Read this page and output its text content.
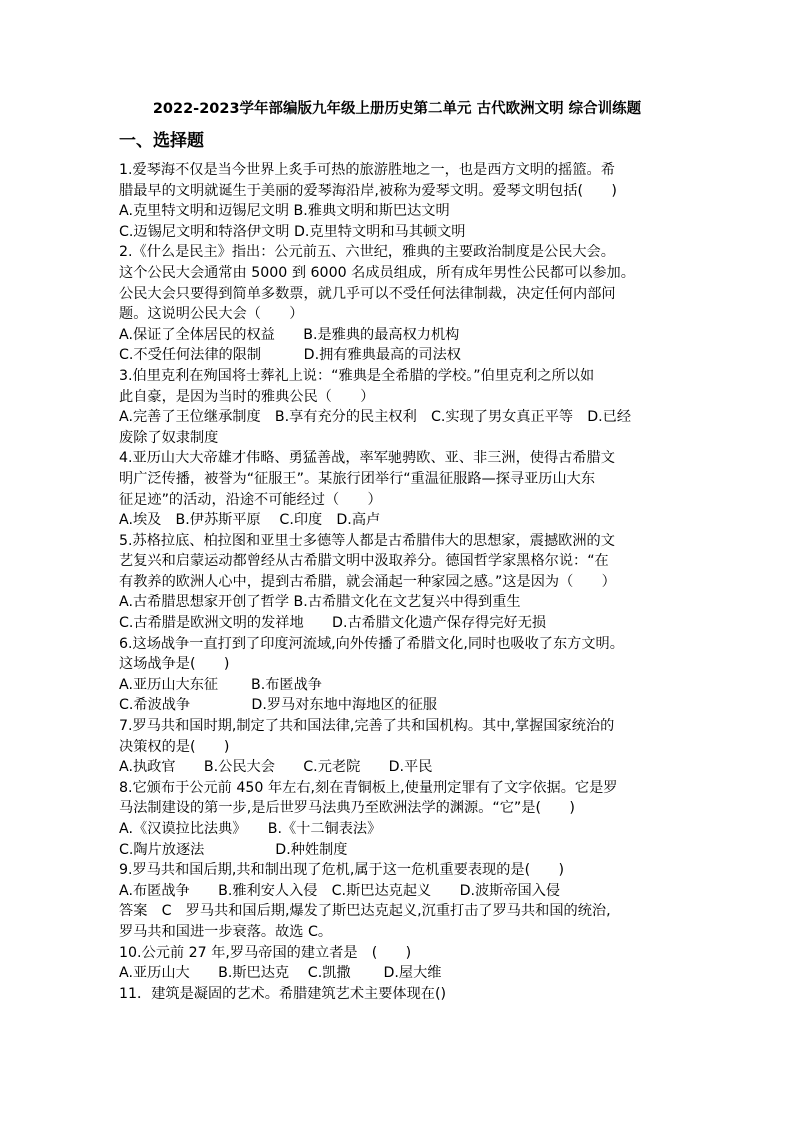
2022-2023学年部编版九年级上册历史第二单元 古代欧洲文明 综合训练题
一、选择题
1.爱琴海不仅是当今世界上炙手可热的旅游胜地之一，也是西方文明的摇篮。希
腊最早的文明就诞生于美丽的爱琴海沿岸,被称为爱琴文明。爱琴文明包括(　　)
A.克里特文明和迈锡尼文明 B.雅典文明和斯巴达文明
C.迈锡尼文明和特洛伊文明 D.克里特文明和马其顿文明
2.《什么是民主》指出：公元前五、六世纪，雅典的主要政治制度是公民大会。
这个公民大会通常由 5000 到 6000 名成员组成，所有成年男性公民都可以参加。
公民大会只要得到简单多数票，就几乎可以不受任何法律制裁，决定任何内部问
题。这说明公民大会（　　）
A.保证了全体居民的权益　　B.是雅典的最高权力机构
C.不受任何法律的限制　　　D.拥有雅典最高的司法权
3.伯里克利在殉国将士葬礼上说：“雅典是全希腊的学校。”伯里克利之所以如
此自豪，是因为当时的雅典公民（　　）
A.完善了王位继承制度　B.享有充分的民主权利　C.实现了男女真正平等　D.已经
废除了奴隶制度
4.亚历山大大帝雄才伟略、勇猛善战，率军驰骋欧、亚、非三洲，使得古希腊文
明广泛传播，被誉为“征服王”。某旅行团举行“重温征服路—探寻亚历山大东
征足迹”的活动，沿途不可能经过（　　）
A.埃及　B.伊苏斯平原　 C.印度　D.高卢
5.苏格拉底、柏拉图和亚里士多德等人都是古希腊伟大的思想家，震撼欧洲的文
艺复兴和启蒙运动都曾经从古希腊文明中汲取养分。德国哲学家黑格尔说：“在
有教养的欧洲人心中，提到古希腊，就会涌起一种家园之感。”这是因为（　　）
A.古希腊思想家开创了哲学 B.古希腊文化在文艺复兴中得到重生
C.古希腊是欧洲文明的发祥地　　D.古希腊文化遗产保存得完好无损
6.这场战争一直打到了印度河流域,向外传播了希腊文化,同时也吸收了东方文明。
这场战争是(　　)
A.亚历山大东征　　 B.布匿战争
C.希波战争　　　　 D.罗马对东地中海地区的征服
7.罗马共和国时期,制定了共和国法律,完善了共和国机构。其中,掌握国家统治的
决策权的是(　　)
A.执政官　　B.公民大会　　C.元老院　　D.平民
8.它颁布于公元前 450 年左右,刻在青铜板上,使量刑定罪有了文字依据。它是罗
马法制建设的第一步,是后世罗马法典乃至欧洲法学的渊源。“它”是(　　)
A.《汉谟拉比法典》　　B.《十二铜表法》
C.陶片放逐法　　　　　D.种姓制度
9.罗马共和国后期,共和制出现了危机,属于这一危机重要表现的是(　　)
A.布匿战争　　B.雅利安人入侵　C.斯巴达克起义　　D.波斯帝国入侵
答案　C　罗马共和国后期,爆发了斯巴达克起义,沉重打击了罗马共和国的统治,
罗马共和国进一步衰落。故选 C。
10.公元前 27 年,罗马帝国的建立者是　(　　)
A.亚历山大　　B.斯巴达克　 C.凯撒　　 D.屋大维
11．建筑是凝固的艺术。希腊建筑艺术主要体现在()
